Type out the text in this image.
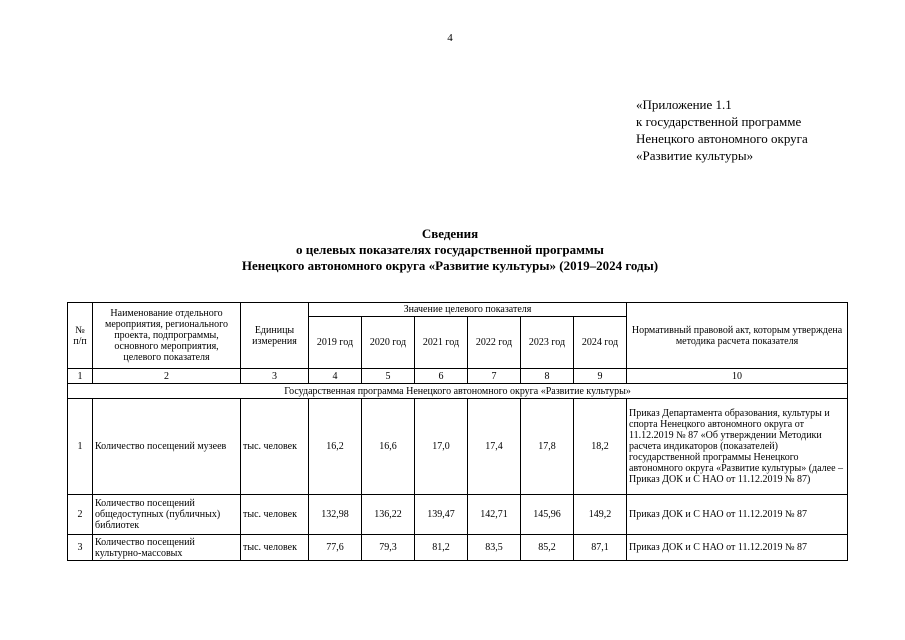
4
«Приложение 1.1
к государственной программе
Ненецкого автономного округа
«Развитие культуры»
Сведения
о целевых показателях государственной программы
Ненецкого автономного округа «Развитие культуры» (2019–2024 годы)
№ п/п	Наименование отдельного мероприятия, регионального проекта, подпрограммы, основного мероприятия, целевого показателя	Единицы измерения	Значение целевого показателя						Нормативный правовой акт, которым утверждена методика расчета показателя
			2019 год	2020 год	2021 год	2022 год	2023 год	2024 год	
1	2	3	4	5	6	7	8	9	10
Государственная программа Ненецкого автономного округа «Развитие культуры»									
1	Количество посещений музеев	тыс. человек	16,2	16,6	17,0	17,4	17,8	18,2	Приказ Департамента образования, культуры и спорта Ненецкого автономного округа от 11.12.2019 № 87 «Об утверждении Методики расчета индикаторов (показателей) государственной программы Ненецкого автономного округа «Развитие культуры» (далее – Приказ ДОК и С НАО от 11.12.2019 № 87)
2	Количество посещений общедоступных (публичных) библиотек	тыс. человек	132,98	136,22	139,47	142,71	145,96	149,2	Приказ ДОК и С НАО от 11.12.2019 № 87
3	Количество посещений культурно-массовых	тыс. человек	77,6	79,3	81,2	83,5	85,2	87,1	Приказ ДОК и С НАО от 11.12.2019 № 87
